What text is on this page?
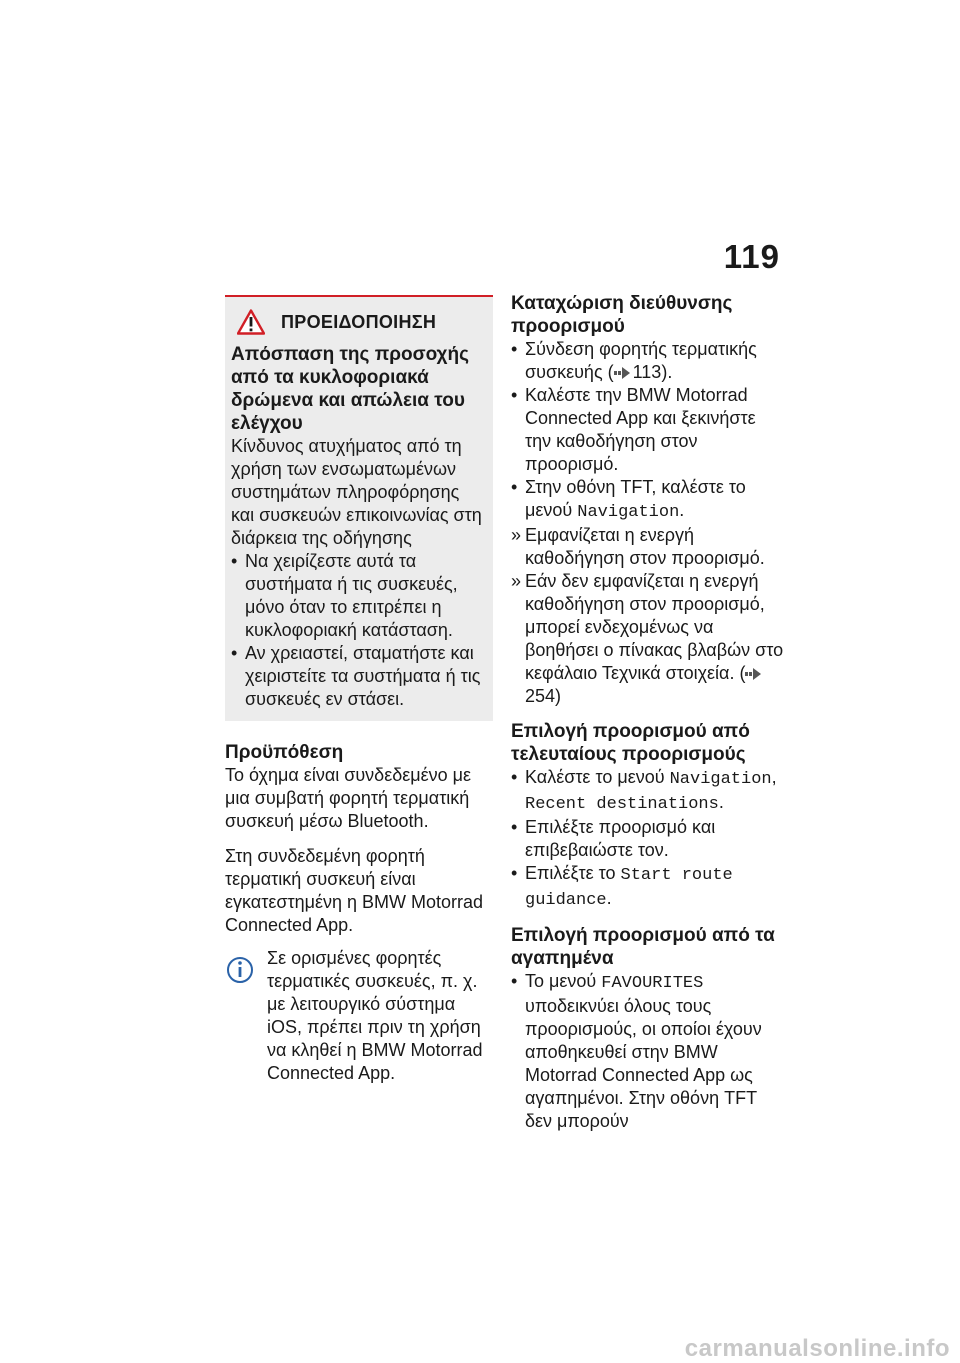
119
ΠΡΟΕΙΔΟΠΟΙΗΣΗ

Απόσπαση της προσοχής από τα κυκλοφοριακά δρώμενα και απώλεια του ελέγχου

Κίνδυνος ατυχήματος από τη χρήση των ενσωματωμένων συστημάτων πληροφόρησης και συσκευών επικοινωνίας στη διάρκεια της οδήγησης

• Να χειρίζεστε αυτά τα συστήματα ή τις συσκευές, μόνο όταν το επιτρέπει η κυκλοφοριακή κατάσταση.
• Αν χρειαστεί, σταματήστε και χειριστείτε τα συστήματα ή τις συσκευές εν στάσει.

Προϋπόθεση

Το όχημα είναι συνδεδεμένο με μια συμβατή φορητή τερματική συσκευή μέσω Bluetooth.

Στη συνδεδεμένη φορητή τερματική συσκευή είναι εγκατεστημένη η BMW Motorrad Connected App.

Σε ορισμένες φορητές τερματικές συσκευές, π. χ. με λειτουργικό σύστημα iOS, πρέπει πριν τη χρήση να κληθεί η BMW Motorrad Connected App.

Καταχώριση διεύθυνσης προορισμού

• Σύνδεση φορητής τερματικής συσκευής ( 113).
• Καλέστε την BMW Motorrad Connected App και ξεκινήστε την καθοδήγηση στον προορισμό.
• Στην οθόνη TFT, καλέστε το μενού Navigation.
» Εμφανίζεται η ενεργή καθοδήγηση στον προορισμό.
» Εάν δεν εμφανίζεται η ενεργή καθοδήγηση στον προορισμό, μπορεί ενδεχομένως να βοηθήσει ο πίνακας βλαβών στο κεφάλαιο Τεχνικά στοιχεία. (254)

Επιλογή προορισμού από τελευταίους προορισμούς

• Καλέστε το μενού Navigation, Recent destinations.
• Επιλέξτε προορισμό και επιβεβαιώστε τον.
• Επιλέξτε το Start route guidance.

Επιλογή προορισμού από τα αγαπημένα

• Το μενού FAVOURITES υποδεικνύει όλους τους προορισμούς, οι οποίοι έχουν αποθηκευθεί στην BMW Motorrad Connected App ως αγαπημένοι. Στην οθόνη TFT δεν μπορούν
carmanualsonline.info
